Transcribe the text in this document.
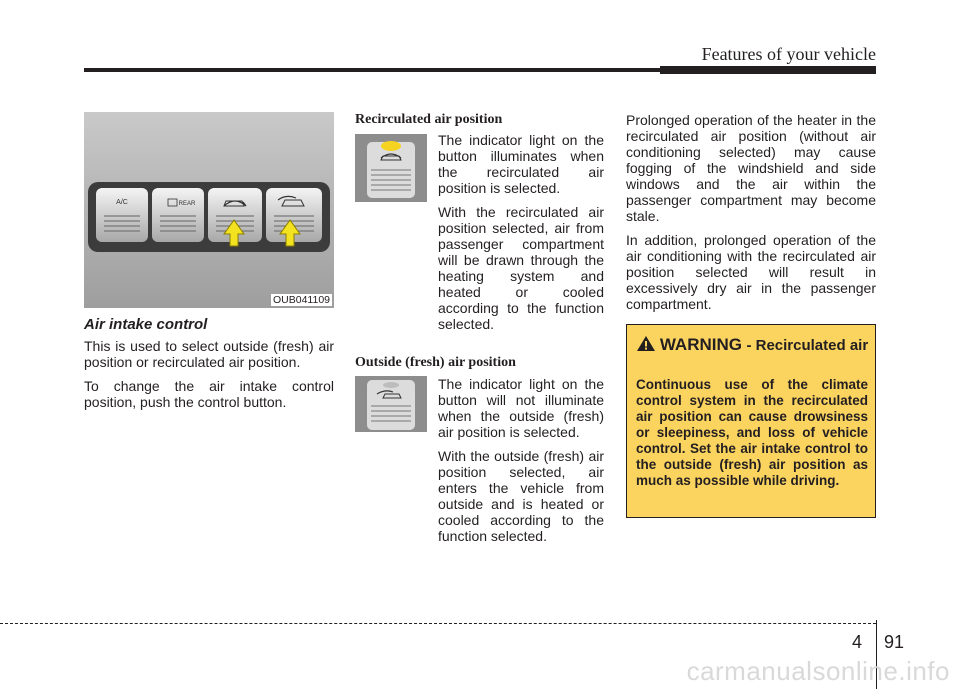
Features of your vehicle
A/C	REAR
OUB041109
Air intake control

This is used to select outside (fresh) air position or recirculated air position.

To change the air intake control position, push the control button.

Recirculated air position

The indicator light on the button illuminates when the recirculated air position is selected.

With the recirculated air position selected, air from passenger compartment will be drawn through the heating system and heated or cooled according to the function selected.

Outside (fresh) air position

The indicator light on the button will not illuminate when the outside (fresh) air position is selected.

With the outside (fresh) air position selected, air enters the vehicle from outside and is heated or cooled according to the function selected.

Prolonged operation of the heater in the recirculated air position (without air conditioning selected) may cause fogging of the windshield and side windows and the air within the passenger compartment may become stale.

In addition, prolonged operation of the air conditioning with the recirculated air position selected will result in excessively dry air in the passenger compartment.

WARNING - Recirculated air
Continuous use of the climate control system in the recirculated air position can cause drowsiness or sleepiness, and loss of vehicle control. Set the air intake control to the outside (fresh) air position as much as possible while driving.
4 91
carmanualsonline.info
